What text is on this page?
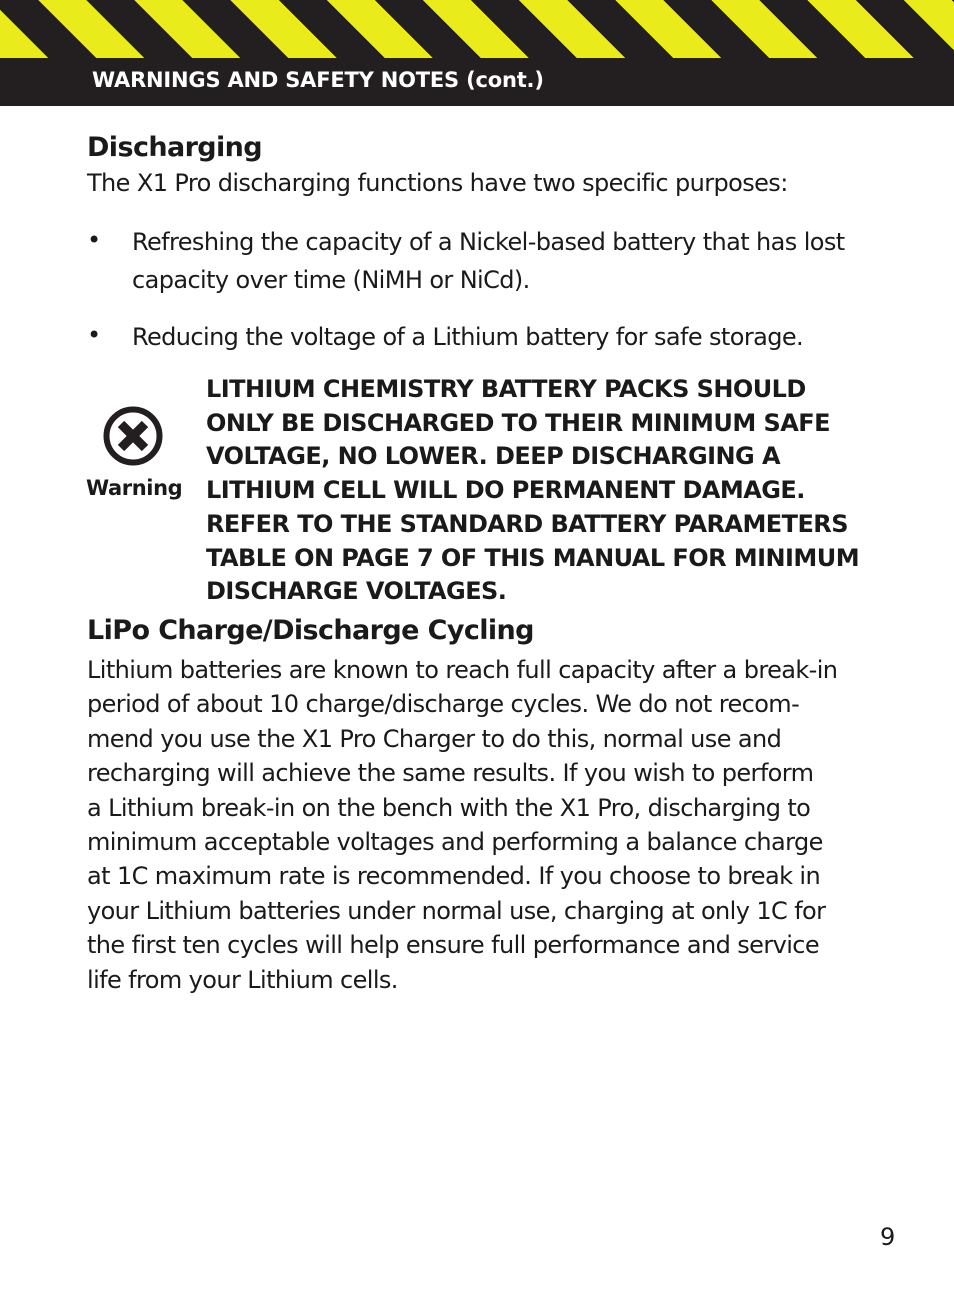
WARNINGS AND SAFETY NOTES (cont.)
Discharging
The X1 Pro discharging functions have two specific purposes:
• Refreshing the capacity of a Nickel-based battery that has lost
capacity over time (NiMH or NiCd).
• Reducing the voltage of a Lithium battery for safe storage.
Warning
LITHIUM CHEMISTRY BATTERY PACKS SHOULD
ONLY BE DISCHARGED TO THEIR MINIMUM SAFE
VOLTAGE, NO LOWER. DEEP DISCHARGING A
LITHIUM CELL WILL DO PERMANENT DAMAGE.
REFER TO THE STANDARD BATTERY PARAMETERS
TABLE ON PAGE 7 OF THIS MANUAL FOR MINIMUM
DISCHARGE VOLTAGES.
LiPo Charge/Discharge Cycling
Lithium batteries are known to reach full capacity after a break-in
period of about 10 charge/discharge cycles. We do not recom-
mend you use the X1 Pro Charger to do this, normal use and
recharging will achieve the same results. If you wish to perform
a Lithium break-in on the bench with the X1 Pro, discharging to
minimum acceptable voltages and performing a balance charge
at 1C maximum rate is recommended. If you choose to break in
your Lithium batteries under normal use, charging at only 1C for
the first ten cycles will help ensure full performance and service
life from your Lithium cells.
9
